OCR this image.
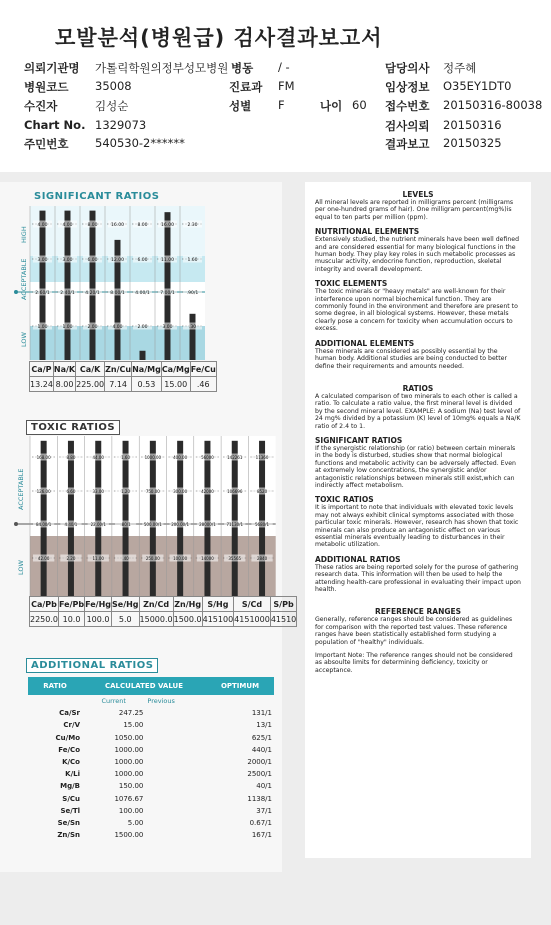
모발분석(병원급) 검사결과보고서
의뢰기관명 가톨릭학원의정부성모병원
병원코드 35008
수진자	김성순
Chart No. 1329073
주민번호 540530-2******
병동 / -
진료과 FM
성별 F	나이 60
담당의사 정주혜
임상정보 O35EY1DT0
접수번호 20150316-80038
검사의뢰 20150316
결과보고 20150325
SIGNIFICANT RATIOS
4.00
3.00
2.60/1
1.00
4.00
3.00
2.40/1
1.00
8.00
6.00
4.20/1
2.00
16.00
12.00
8.00/1
4.00
8.00
6.00
4.00/1
2.00
16.00
11.00
7.00/1
3.00
2.30
1.60
.90/1
.30
HIGH
ACCEPTABLE
LOW
Ca/P	Na/K	Ca/K	Zn/Cu	Na/Mg	Ca/Mg	Fe/Cu
13.24	8.00	225.00	7.14	0.53	15.00	.46
TOXIC RATIOS
168.00
126.00
84.00/1
42.00
8.80
6.60
4.40/1
2.20
44.00
33.00
22.00/1
11.00
1.60
1.20
.80/1
.40
1000.00
750.00
500.00/1
250.00
400.00
300.00
200.00/1
100.00
56000
42000
28000/1
14000
142261
106696
71130/1
35565
11360
8520
5680/1
2840
ACCEPTABLE
LOW
Ca/Pb	Fe/Pb	Fe/Hg	Se/Hg	Zn/Cd	Zn/Hg	S/Hg	S/Cd	S/Pb
2250.0	10.0	100.0	5.0	15000.0	1500.0	415100	4151000	41510
ADDITIONAL RATIOS
RATIO	CALCULATED VALUE		OPTIMUM
	Current	Previous	
Ca/Sr	247.25		131/1
Cr/V	15.00		13/1
Cu/Mo	1050.00		625/1
Fe/Co	1000.00		440/1
K/Co	1000.00		2000/1
K/Li	1000.00		2500/1
Mg/B	150.00		40/1
S/Cu	1076.67		1138/1
Se/Tl	100.00		37/1
Se/Sn	5.00		0.67/1
Zn/Sn	1500.00		167/1

LEVELS

All mineral levels are reported in milligrams percent (milligrams per one-hundred grams of hair). One milligram percent(mg%)is equal to ten parts per million (ppm).

NUTRITIONAL ELEMENTS

Extensively studied, the nutrient minerals have been well defined and are considered essential for many biological functions in the human body. They play key roles in such metabolic processes as muscular activity, endocrine function, reproduction, skeletal integrity and overall development.

TOXIC ELEMENTS

The toxic minerals or "heavy metals" are well-known for their interference upon normal biochemical function. They are commonly found in the environment and therefore are present to some degree, in all biological systems. However, these metals clearly pose a concern for toxicity when accumulation occurs to excess.

ADDITIONAL ELEMENTS

These minerals are considered as possibly essential by the human body. Additional studies are being conducted to better define their requirements and amounts needed.

RATIOS

A calculated comparison of two minerals to each other is called a ratio. To calculate a ratio value, the first mineral level is divided by the second mineral level. EXAMPLE: A sodium (Na) test level of 24 mg% divided by a potassium (K) level of 10mg% equals a Na/K ratio of 2.4 to 1.

SIGNIFICANT RATIOS

If the synergistic relationship (or ratio) between certain minerals in the body is disturbed, studies show that normal biological functions and metabolic activity can be adversely affected. Even at extremely low concentrations, the synergistic and/or antagonistic relationships between minerals still exist,which can indirectly affect metabolism.

TOXIC RATIOS

It is important to note that individuals with elevated toxic levels may not always exhibit clinical symptoms associated with those particular toxic minerals. However, research has shown that toxic minerals can also produce an antagonistic effect on various essential minerals eventually leading to disturbances in their metabolic utilization.

ADDITIONAL RATIOS

These ratios are being reported solely for the purose of gathering research data. This information will then be used to help the attending health-care professional in evaluating their impact upon health.

REFERENCE RANGES

Generally, reference ranges should be considered as guidelines for comparison with the reported test values. These reference ranges have been statistically established form studying a population of "healthy" individuals.

Important Note: The reference ranges should not be considered as absoulte limits for determining deficiency, toxicity or acceptance.
